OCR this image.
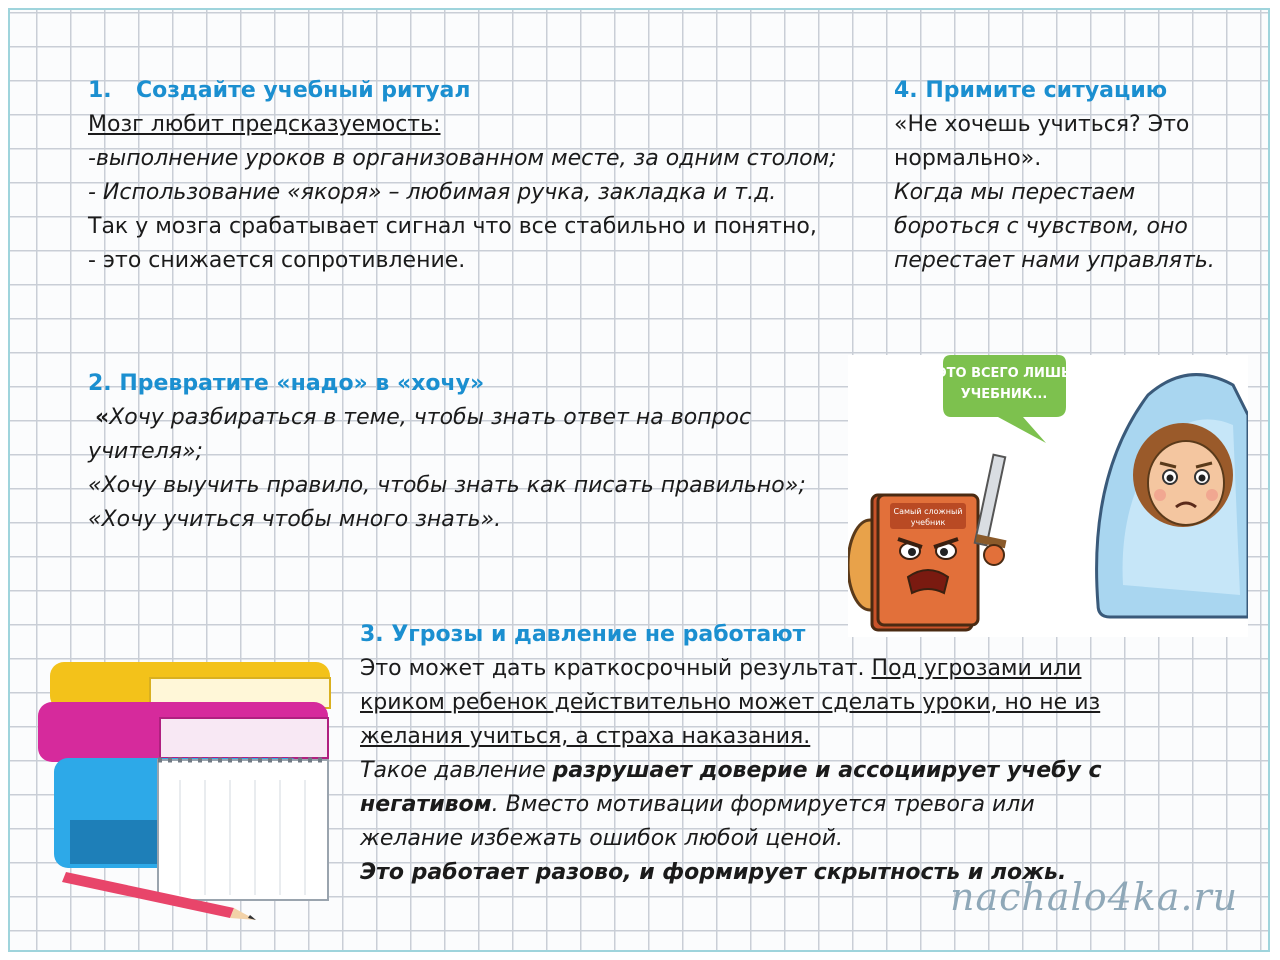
1. Создайте учебный ритуал

Мозг любит предсказуемость:

-выполнение уроков в организованном месте, за одним столом;

- Использование «якоря» – любимая ручка, закладка и т.д.

Так у мозга срабатывает сигнал что все стабильно и понятно,

- это снижается сопротивление.

4. Примите ситуацию

«Не хочешь учиться? Это нормально».

Когда мы перестаем бороться с чувством, оно перестает нами управлять.

2. Превратите «надо» в «хочу»

«Хочу разбираться в теме, чтобы знать ответ на вопрос учителя»;

«Хочу выучить правило, чтобы знать как писать правильно»;

«Хочу учиться чтобы много знать».

3. Угрозы и давление не работают

Это может дать краткосрочный результат. Под угрозами или криком ребенок действительно может сделать уроки, но не из желания учиться, а страха наказания.

Такое давление разрушает доверие и ассоциирует учебу с негативом. Вместо мотивации формируется тревога или желание избежать ошибок любой ценой.

Это работает разово, и формирует скрытность и ложь.

ЭТО ВСЕГО ЛИШЬ
УЧЕБНИК...
Самый сложный
учебник
nachalo4ka.ru
